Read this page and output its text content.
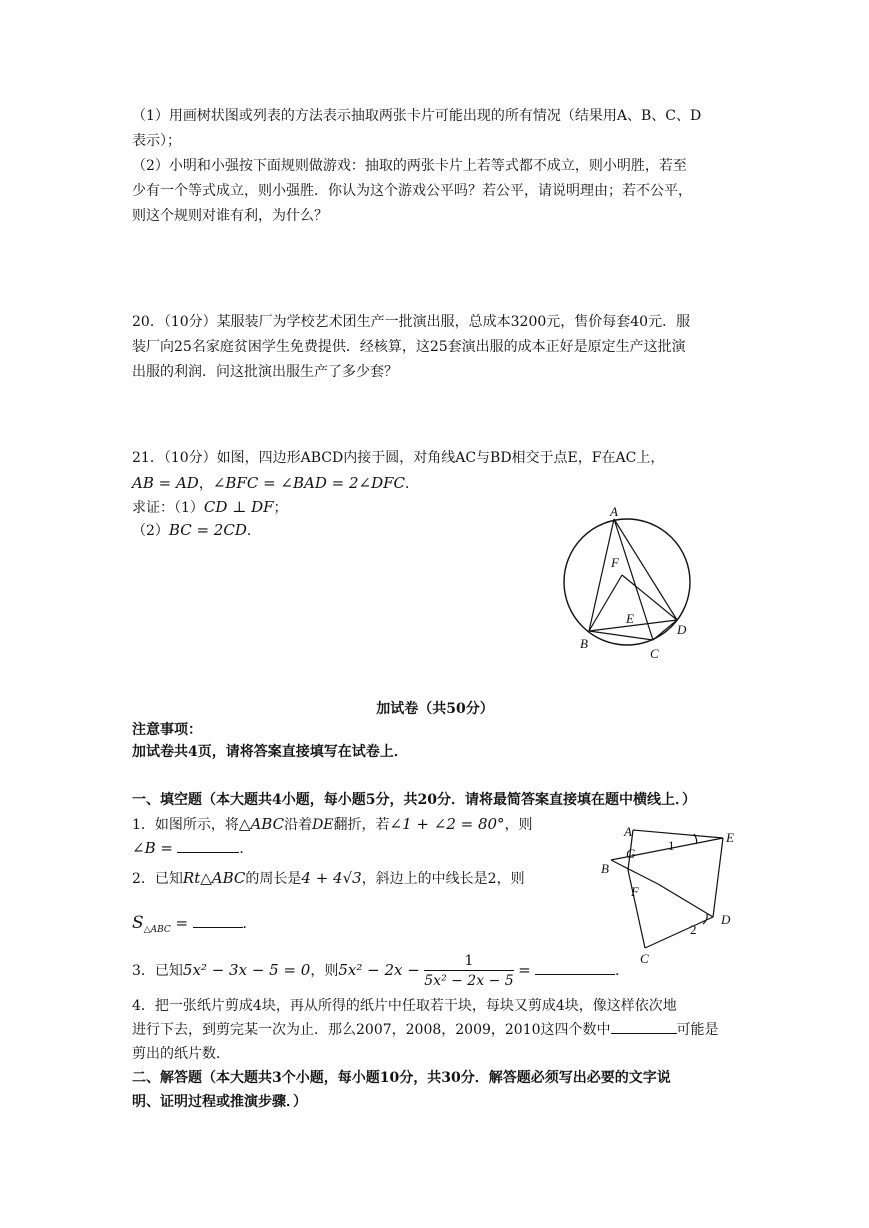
（1）用画树状图或列表的方法表示抽取两张卡片可能出现的所有情况（结果用A、B、C、D
表示）；
（2）小明和小强按下面规则做游戏：抽取的两张卡片上若等式都不成立，则小明胜，若至
少有一个等式成立，则小强胜．你认为这个游戏公平吗？若公平，请说明理由；若不公平，
则这个规则对谁有利，为什么？
20．（10分）某服装厂为学校艺术团生产一批演出服，总成本3200元，售价每套40元．服
装厂向25名家庭贫困学生免费提供．经核算，这25套演出服的成本正好是原定生产这批演
出服的利润．问这批演出服生产了多少套？
21．（10分）如图，四边形ABCD内接于圆，对角线AC与BD相交于点E，F在AC上，
AB = AD，∠BFC = ∠BAD = 2∠DFC．
求证：（1）CD ⊥ DF；
（2）BC = 2CD．
A
F
E
B
C
D
加试卷（共50分）
注意事项：
加试卷共4页，请将答案直接填写在试卷上．
一、填空题（本大题共4小题，每小题5分，共20分．请将最简答案直接填在题中横线上．）
1．如图所示，将△ABC沿着DE翻折，若∠1 + ∠2 = 80°，则
∠B =	．
2．已知Rt△ABC的周长是4 + 4√3，斜边上的中线长是2，则
$S_{\triangle ABC}$ =	．
3．已知5x² − 3x − 5 = 0，则$5x^2 - 2x - \frac{1}{\text{5x² − 2x − 5}}$ =	．
4．把一张纸片剪成4块，再从所得的纸片中任取若干块，每块又剪成4块，像这样依次地
进行下去，到剪完某一次为止．那么2007，2008，2009，2010这四个数中	可能是
剪出的纸片数．
二、解答题（本大题共3个小题，每小题10分，共30分．解答题必须写出必要的文字说
明、证明过程或推演步骤．）
A	E
G
1
B
F
2
D
C
